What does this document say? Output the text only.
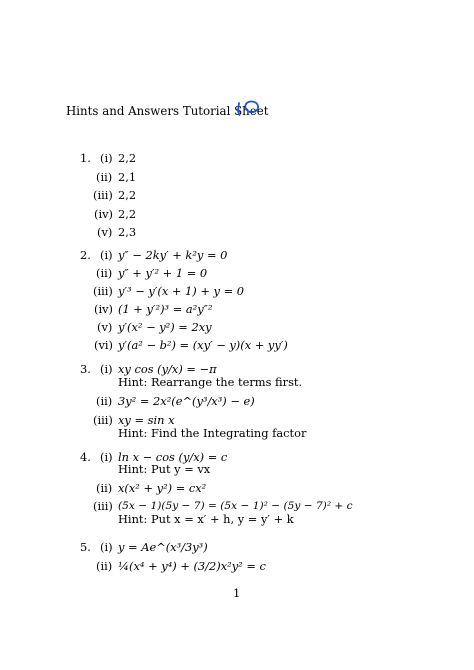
Hints and Answers Tutorial Sheet
1. (i) 2,2
(ii) 2,1
(iii) 2,2
(iv) 2,2
(v) 2,3
2. (i) y″ − 2ky′ + k²y = 0
(ii) y″ + y′² + 1 = 0
(iii) y′³ − y′(x + 1) + y = 0
(iv) (1 + y′²)³ = a²y″²
(v) y′(x² − y²) = 2xy
(vi) y′(a² − b²) = (xy′ − y)(x + yy′)
3. (i) xy cos (y/x) = −π
Hint: Rearrange the terms first.
(ii) 3y² = 2x²(e^(y³/x³) − e)
(iii) xy = sin x
Hint: Find the Integrating factor
4. (i) ln x − cos (y/x) = c
Hint: Put y = vx
(ii) x(x² + y²) = cx²
(iii) (5x − 1)(5y − 7) = (5x − 1)² − (5y − 7)² + c
Hint: Put x = x′ + h, y = y′ + k
5. (i) y = Ae^(x³/3y³)
(ii) ¼(x⁴ + y⁴) + (3/2)x²y² = c
1
